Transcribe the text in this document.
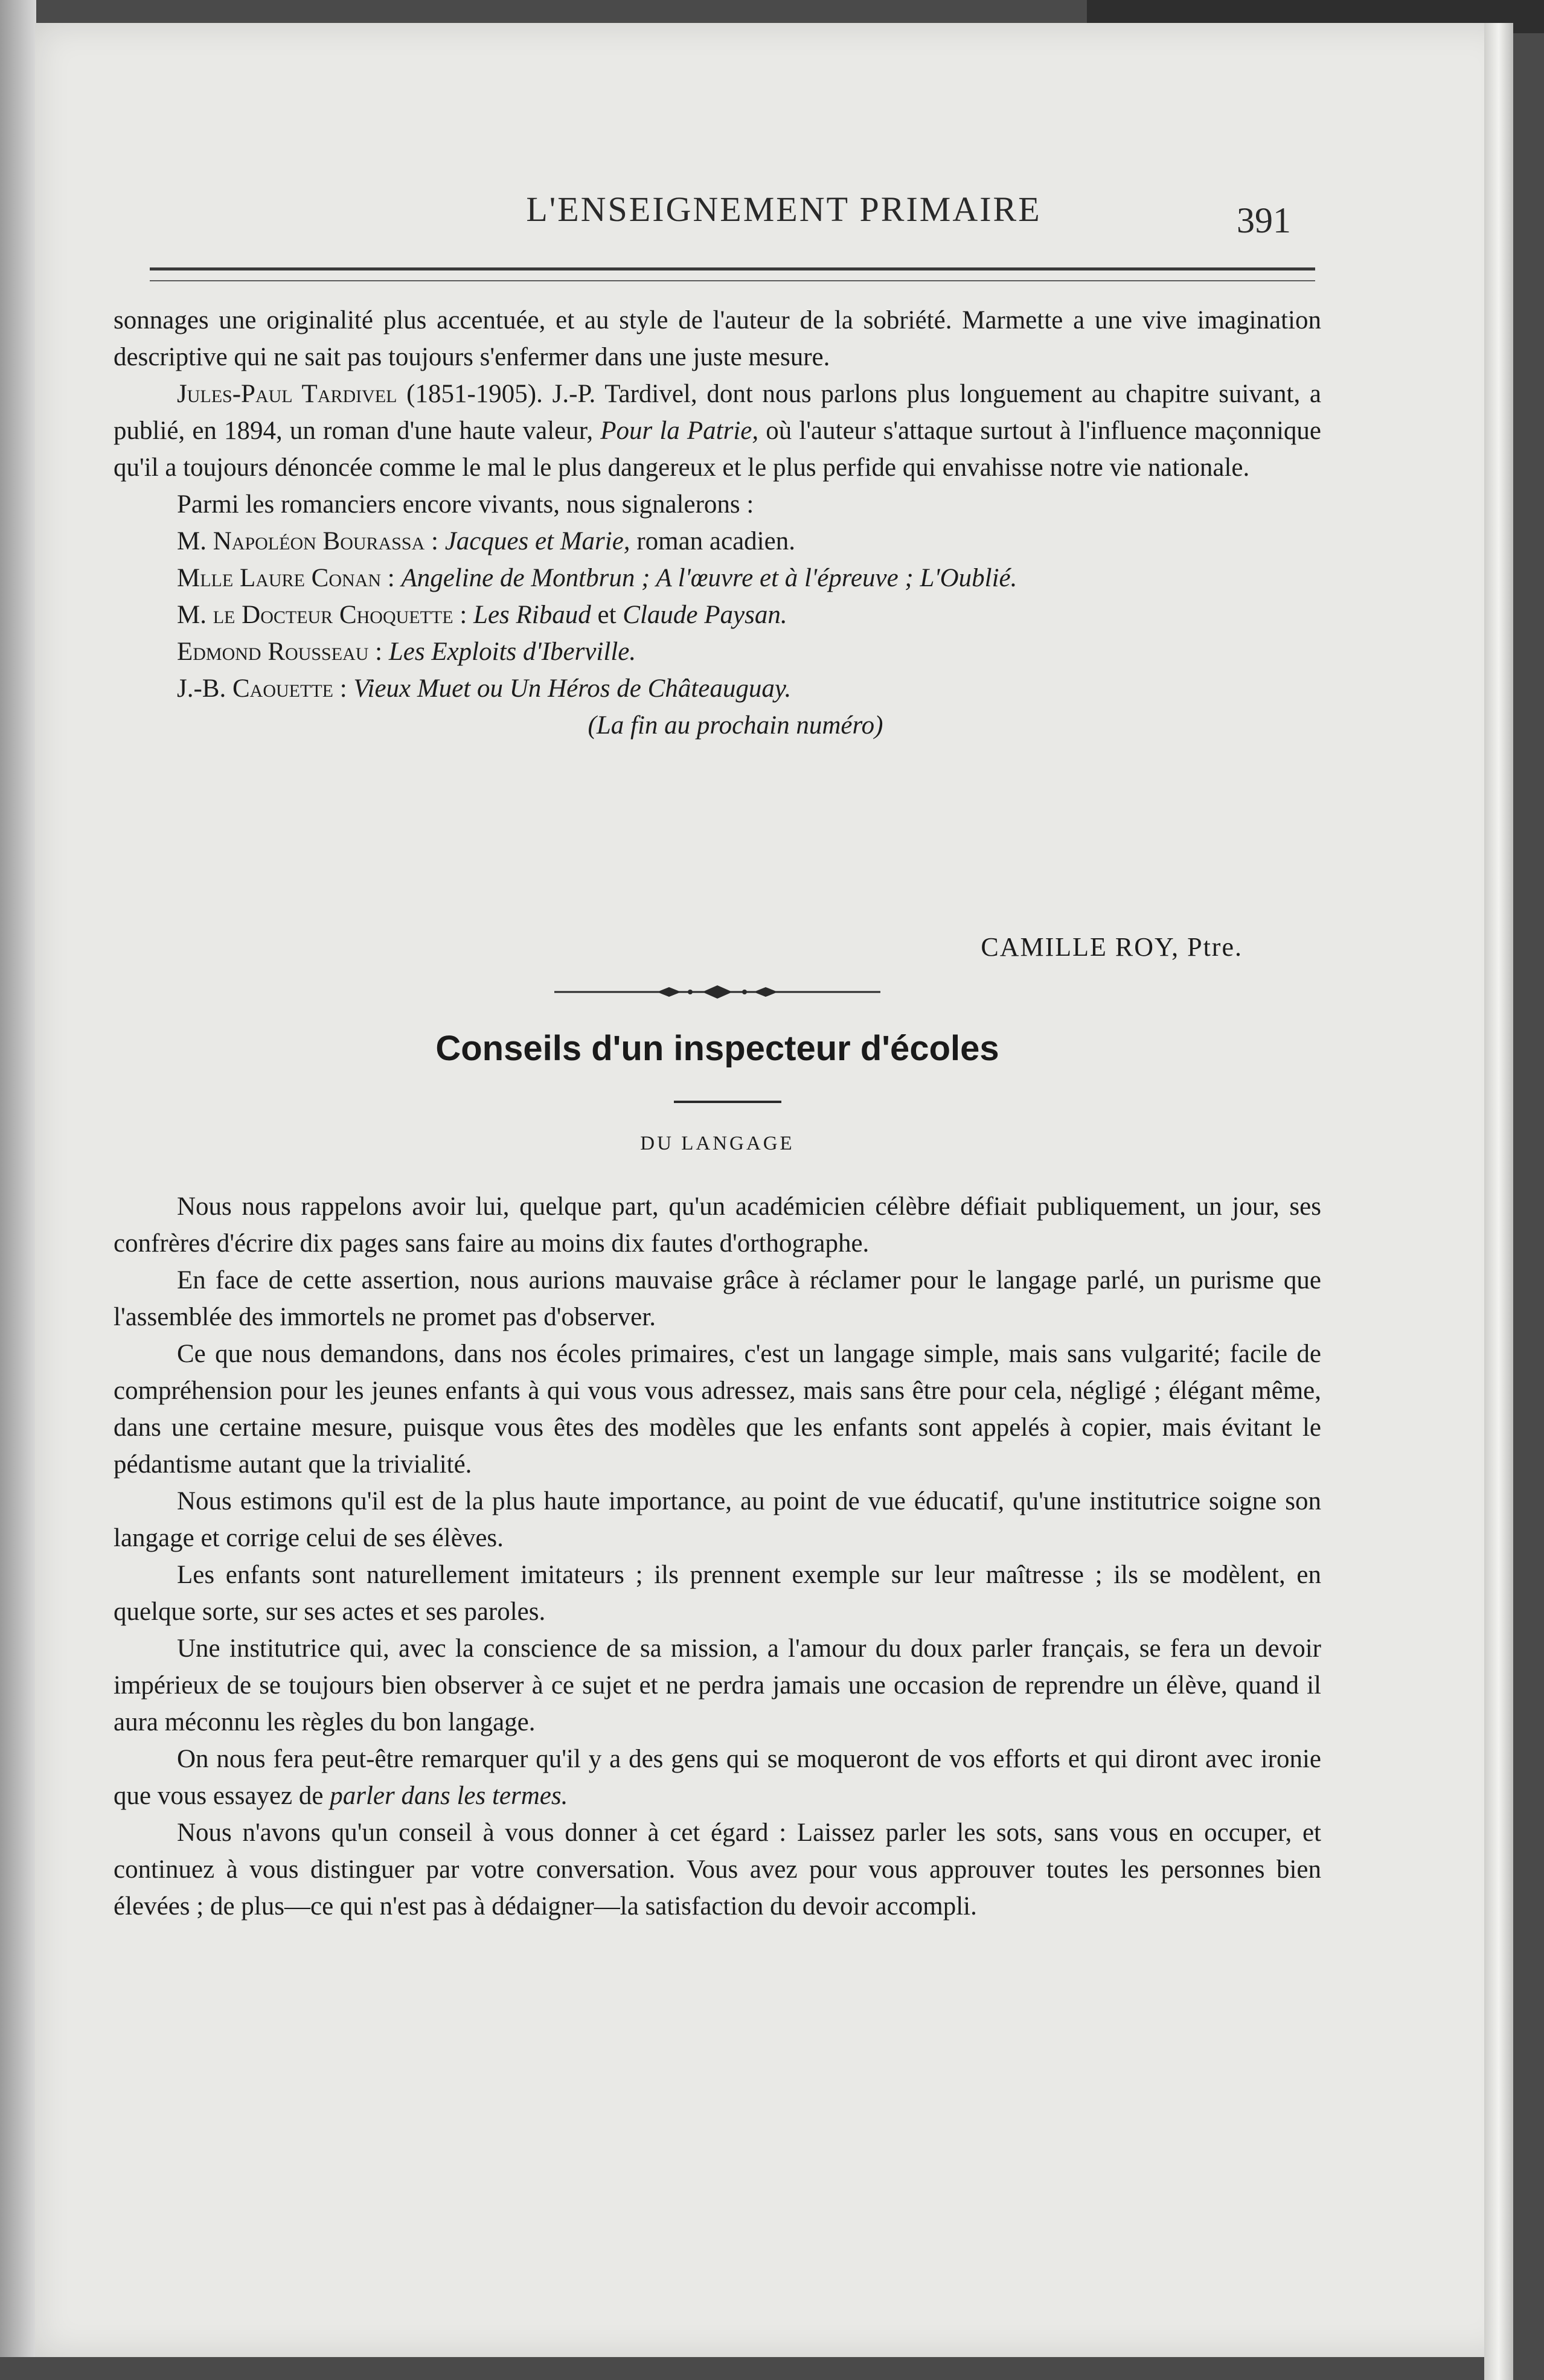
L'ENSEIGNEMENT PRIMAIRE	391

sonnages une originalité plus accentuée, et au style de l'auteur de la sobriété. Marmette a une vive imagination descriptive qui ne sait pas toujours s'enfermer dans une juste mesure.

Jules-Paul Tardivel (1851-1905). J.-P. Tardivel, dont nous parlons plus longuement au chapitre suivant, a publié, en 1894, un roman d'une haute valeur, Pour la Patrie, où l'auteur s'attaque surtout à l'influence maçonnique qu'il a toujours dénoncée comme le mal le plus dangereux et le plus perfide qui envahisse notre vie nationale.

Parmi les romanciers encore vivants, nous signalerons :

M. Napoléon Bourassa : Jacques et Marie, roman acadien.

Mlle Laure Conan : Angeline de Montbrun ; A l'œuvre et à l'épreuve ; L'Oublié.

M. le Docteur Choquette : Les Ribaud et Claude Paysan.

Edmond Rousseau : Les Exploits d'Iberville.

J.-B. Caouette : Vieux Muet ou Un Héros de Châteauguay.

(La fin au prochain numéro)

CAMILLE ROY, Ptre.
Conseils d'un inspecteur d'écoles
DU LANGAGE

Nous nous rappelons avoir lui, quelque part, qu'un académicien célèbre défiait publiquement, un jour, ses confrères d'écrire dix pages sans faire au moins dix fautes d'orthographe.

En face de cette assertion, nous aurions mauvaise grâce à réclamer pour le langage parlé, un purisme que l'assemblée des immortels ne promet pas d'observer.

Ce que nous demandons, dans nos écoles primaires, c'est un langage simple, mais sans vulgarité; facile de compréhension pour les jeunes enfants à qui vous vous adressez, mais sans être pour cela, négligé ; élégant même, dans une certaine mesure, puisque vous êtes des modèles que les enfants sont appelés à copier, mais évitant le pédantisme autant que la trivialité.

Nous estimons qu'il est de la plus haute importance, au point de vue éducatif, qu'une institutrice soigne son langage et corrige celui de ses élèves.

Les enfants sont naturellement imitateurs ; ils prennent exemple sur leur maîtresse ; ils se modèlent, en quelque sorte, sur ses actes et ses paroles.

Une institutrice qui, avec la conscience de sa mission, a l'amour du doux parler français, se fera un devoir impérieux de se toujours bien observer à ce sujet et ne perdra jamais une occasion de reprendre un élève, quand il aura méconnu les règles du bon langage.

On nous fera peut-être remarquer qu'il y a des gens qui se moqueront de vos efforts et qui diront avec ironie que vous essayez de parler dans les termes.

Nous n'avons qu'un conseil à vous donner à cet égard : Laissez parler les sots, sans vous en occuper, et continuez à vous distinguer par votre conversation. Vous avez pour vous approuver toutes les personnes bien élevées ; de plus—ce qui n'est pas à dédaigner—la satisfaction du devoir accompli.
